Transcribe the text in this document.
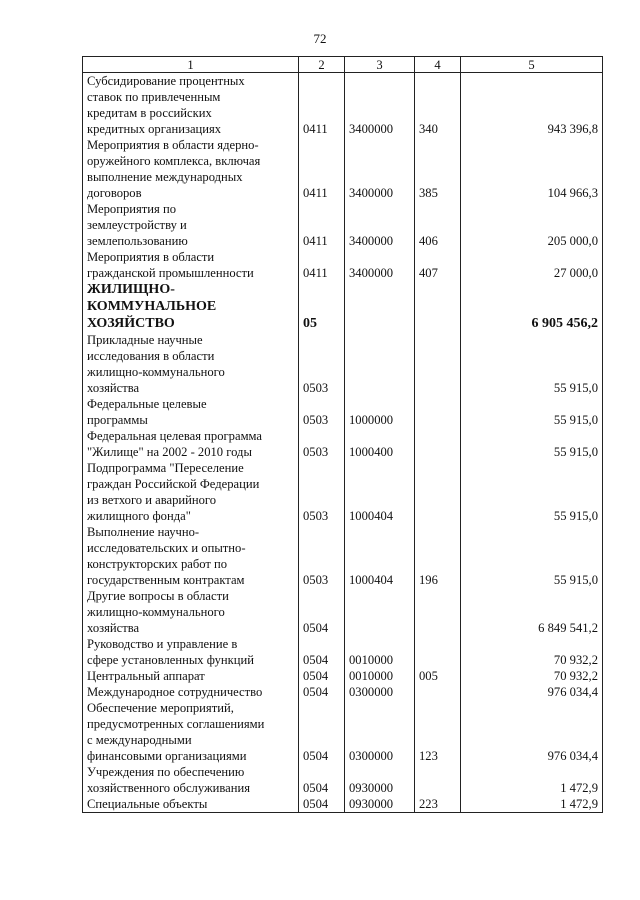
72
1	2	3	4	5

Субсидирование процентных
ставок по привлеченным
кредитам в российских
кредитных организациях	0411	3400000	340	943 396,8

Мероприятия в области ядерно-
оружейного комплекса, включая
выполнение международных
договоров	0411	3400000	385	104 966,3

Мероприятия по
землеустройству и
землепользованию	0411	3400000	406	205 000,0

Мероприятия в области
гражданской промышленности	0411	3400000	407	27 000,0

ЖИЛИЩНО-
КОММУНАЛЬНОЕ
ХОЗЯЙСТВО	05			6 905 456,2

Прикладные научные
исследования в области
жилищно-коммунального
хозяйства	0503			55 915,0

Федеральные целевые
программы	0503	1000000		55 915,0

Федеральная целевая программа
"Жилище" на 2002 - 2010 годы	0503	1000400		55 915,0

Подпрограмма "Переселение
граждан Российской Федерации
из ветхого и аварийного
жилищного фонда"	0503	1000404		55 915,0

Выполнение научно-
исследовательских и опытно-
конструкторских работ по
государственным контрактам	0503	1000404	196	55 915,0

Другие вопросы в области
жилищно-коммунального
хозяйства	0504			6 849 541,2

Руководство и управление в
сфере установленных функций	0504	0010000		70 932,2

Центральный аппарат	0504	0010000	005	70 932,2

Международное сотрудничество	0504	0300000		976 034,4

Обеспечение мероприятий,
предусмотренных соглашениями
с международными
финансовыми организациями	0504	0300000	123	976 034,4

Учреждения по обеспечению
хозяйственного обслуживания	0504	0930000		1 472,9

Специальные объекты	0504	0930000	223	1 472,9
